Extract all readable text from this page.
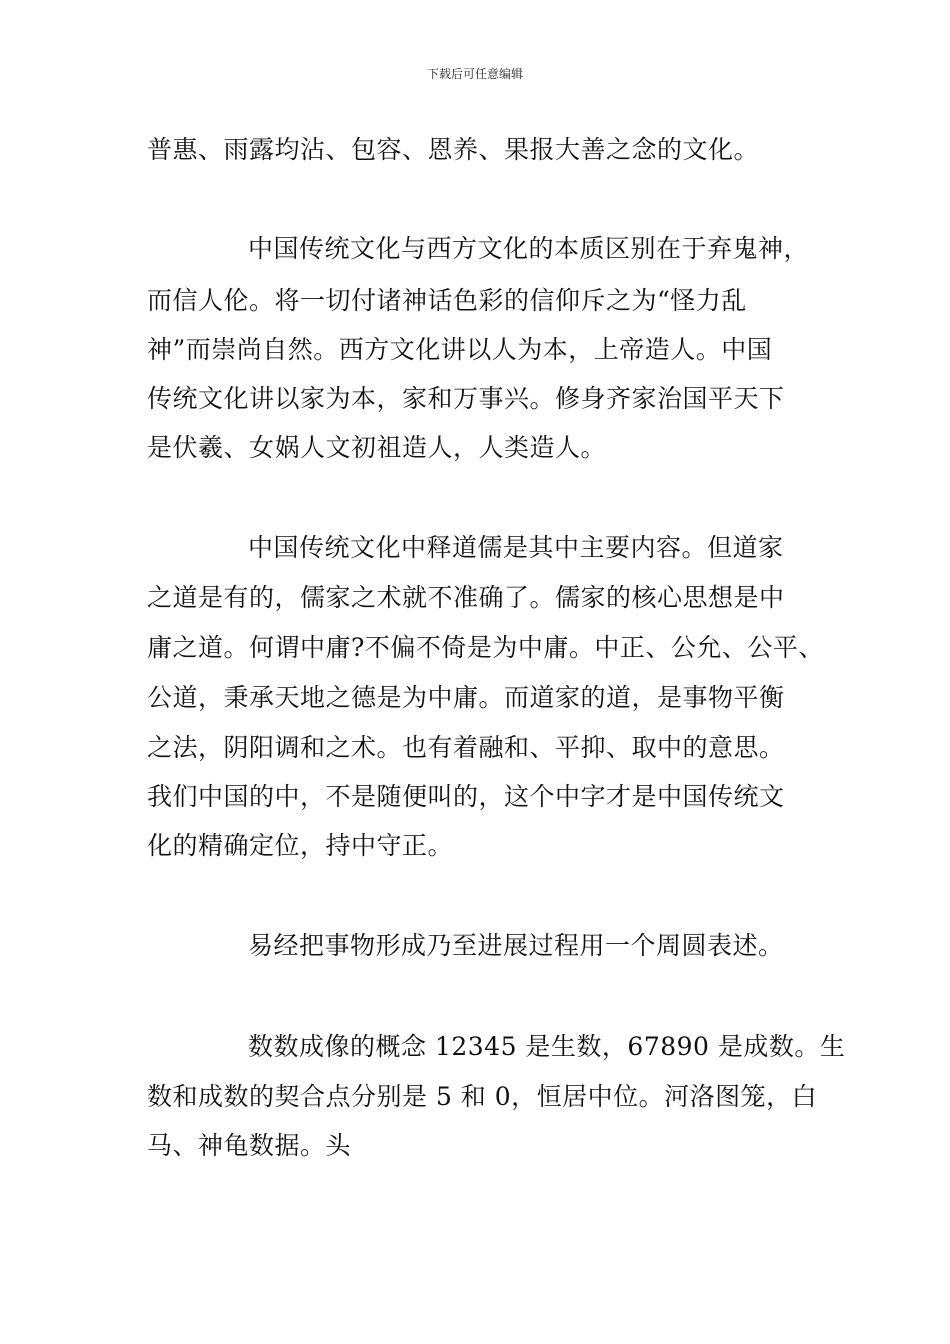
下载后可任意编辑
普惠、雨露均沾、包容、恩养、果报大善之念的文化。
中国传统文化与西方文化的本质区别在于弃鬼神，
而信人伦。将一切付诸神话色彩的信仰斥之为“怪力乱
神”而崇尚自然。西方文化讲以人为本，上帝造人。中国
传统文化讲以家为本，家和万事兴。修身齐家治国平天下
是伏羲、女娲人文初祖造人，人类造人。
中国传统文化中释道儒是其中主要内容。但道家
之道是有的，儒家之术就不准确了。儒家的核心思想是中
庸之道。何谓中庸?不偏不倚是为中庸。中正、公允、公平、
公道，秉承天地之德是为中庸。而道家的道，是事物平衡
之法，阴阳调和之术。也有着融和、平抑、取中的意思。
我们中国的中，不是随便叫的，这个中字才是中国传统文
化的精确定位，持中守正。
易经把事物形成乃至进展过程用一个周圆表述。
数数成像的概念 12345 是生数，67890 是成数。生
数和成数的契合点分别是 5 和 0，恒居中位。河洛图笼，白
马、神龟数据。头
